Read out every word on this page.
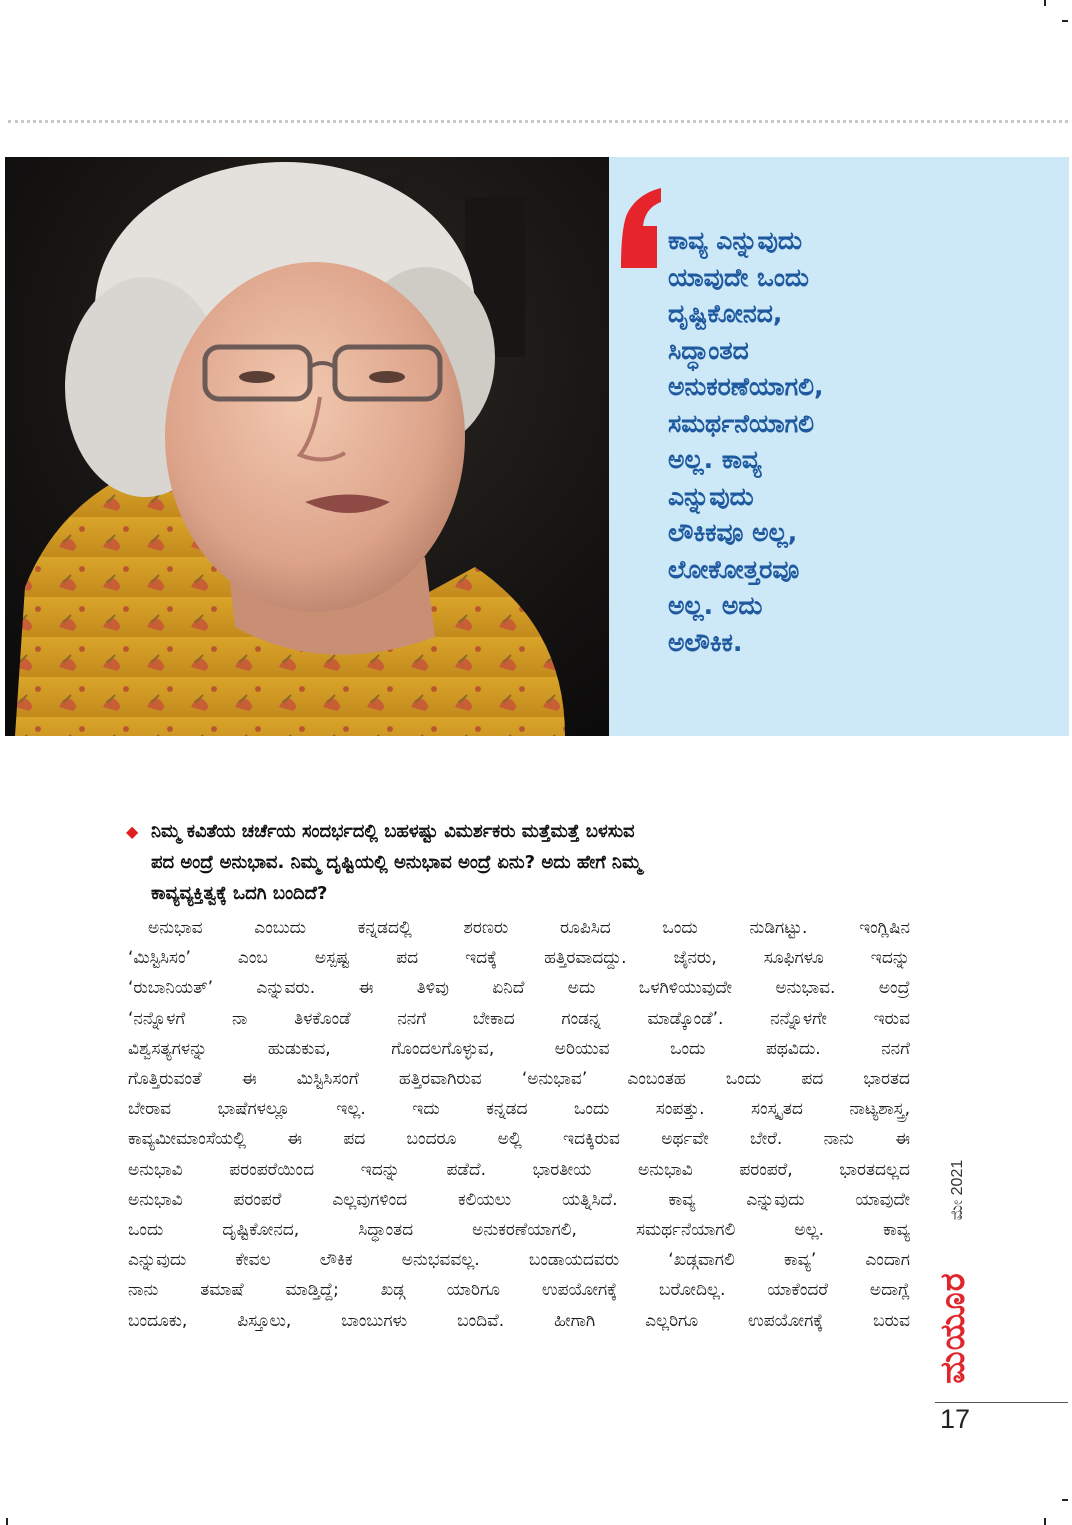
ಕಾವ್ಯ ಎನ್ನುವುದು
ಯಾವುದೇ ಒಂದು
ದೃಷ್ಟಿಕೋನದ,
ಸಿದ್ಧಾಂತದ
ಅನುಕರಣೆಯಾಗಲಿ,
ಸಮರ್ಥನೆಯಾಗಲಿ
ಅಲ್ಲ. ಕಾವ್ಯ
ಎನ್ನುವುದು
ಲೌಕಿಕವೂ ಅಲ್ಲ,
ಲೋಕೋತ್ತರವೂ
ಅಲ್ಲ. ಅದು
ಅಲೌಕಿಕ.
◆ ನಿಮ್ಮ ಕವಿತೆಯ ಚರ್ಚೆಯ ಸಂದರ್ಭದಲ್ಲಿ ಬಹಳಷ್ಟು ವಿಮರ್ಶಕರು ಮತ್ತೆಮತ್ತೆ ಬಳಸುವ
ಪದ ಅಂದ್ರೆ ಅನುಭಾವ. ನಿಮ್ಮ ದೃಷ್ಟಿಯಲ್ಲಿ ಅನುಭಾವ ಅಂದ್ರೆ ಏನು? ಅದು ಹೇಗೆ ನಿಮ್ಮ
ಕಾವ್ಯವ್ಯಕ್ತಿತ್ವಕ್ಕೆ ಒದಗಿ ಬಂದಿದೆ?
ಅನುಭಾವ ಎಂಬುದು ಕನ್ನಡದಲ್ಲಿ ಶರಣರು ರೂಪಿಸಿದ ಒಂದು ನುಡಿಗಟ್ಟು. ಇಂಗ್ಲಿಷಿನ
‘ಮಿಸ್ಟಿಸಿಸಂ’ ಎಂಬ ಅಸ್ಪಷ್ಟ ಪದ ಇದಕ್ಕೆ ಹತ್ತಿರವಾದದ್ದು. ಜೈನರು, ಸೂಫಿಗಳೂ ಇದನ್ನು
‘ರುಬಾನಿಯತ್’ ಎನ್ನುವರು. ಈ ತಿಳಿವು ಏನಿದೆ ಅದು ಒಳಗಿಳಿಯುವುದೇ ಅನುಭಾವ. ಅಂದ್ರೆ
‘ನನ್ನೊಳಗೆ ನಾ ತಿಳಕೊಂಡೆ ನನಗೆ ಬೇಕಾದ ಗಂಡನ್ನ ಮಾಡ್ಕೊಂಡೆ’. ನನ್ನೊಳಗೇ ಇರುವ
ವಿಶ್ವಸತ್ಯಗಳನ್ನು ಹುಡುಕುವ, ಗೊಂದಲಗೊಳ್ಳುವ, ಅರಿಯುವ ಒಂದು ಪಥವಿದು. ನನಗೆ
ಗೊತ್ತಿರುವಂತೆ ಈ ಮಿಸ್ಟಿಸಿಸಂಗೆ ಹತ್ತಿರವಾಗಿರುವ ‘ಅನುಭಾವ’ ಎಂಬಂತಹ ಒಂದು ಪದ ಭಾರತದ
ಬೇರಾವ ಭಾಷೆಗಳಲ್ಲೂ ಇಲ್ಲ. ಇದು ಕನ್ನಡದ ಒಂದು ಸಂಪತ್ತು. ಸಂಸ್ಕೃತದ ನಾಟ್ಯಶಾಸ್ತ್ರ,
ಕಾವ್ಯಮೀಮಾಂಸೆಯಲ್ಲಿ ಈ ಪದ ಬಂದರೂ ಅಲ್ಲಿ ಇದಕ್ಕಿರುವ ಅರ್ಥವೇ ಬೇರೆ. ನಾನು ಈ
ಅನುಭಾವಿ ಪರಂಪರೆಯಿಂದ ಇದನ್ನು ಪಡೆದೆ. ಭಾರತೀಯ ಅನುಭಾವಿ ಪರಂಪರೆ, ಭಾರತದಲ್ಲದ
ಅನುಭಾವಿ ಪರಂಪರೆ ಎಲ್ಲವುಗಳಿಂದ ಕಲಿಯಲು ಯತ್ನಿಸಿದೆ. ಕಾವ್ಯ ಎನ್ನುವುದು ಯಾವುದೇ
ಒಂದು ದೃಷ್ಟಿಕೋನದ, ಸಿದ್ಧಾಂತದ ಅನುಕರಣೆಯಾಗಲಿ, ಸಮರ್ಥನೆಯಾಗಲಿ ಅಲ್ಲ. ಕಾವ್ಯ
ಎನ್ನುವುದು ಕೇವಲ ಲೌಕಿಕ ಅನುಭವವಲ್ಲ. ಬಂಡಾಯದವರು ‘ಖಡ್ಗವಾಗಲಿ ಕಾವ್ಯ’ ಎಂದಾಗ
ನಾನು ತಮಾಷೆ ಮಾಡ್ತಿದ್ದೆ; ಖಡ್ಗ ಯಾರಿಗೂ ಉಪಯೋಗಕ್ಕೆ ಬರೋದಿಲ್ಲ. ಯಾಕೆಂದರೆ ಅದಾಗ್ಲೆ
ಬಂದೂಕು, ಪಿಸ್ತೂಲು, ಬಾಂಬುಗಳು ಬಂದಿವೆ. ಹೀಗಾಗಿ ಎಲ್ಲರಿಗೂ ಉಪಯೋಗಕ್ಕೆ ಬರುವ
ಮೇ 2021
ಮಯೂರ
17
